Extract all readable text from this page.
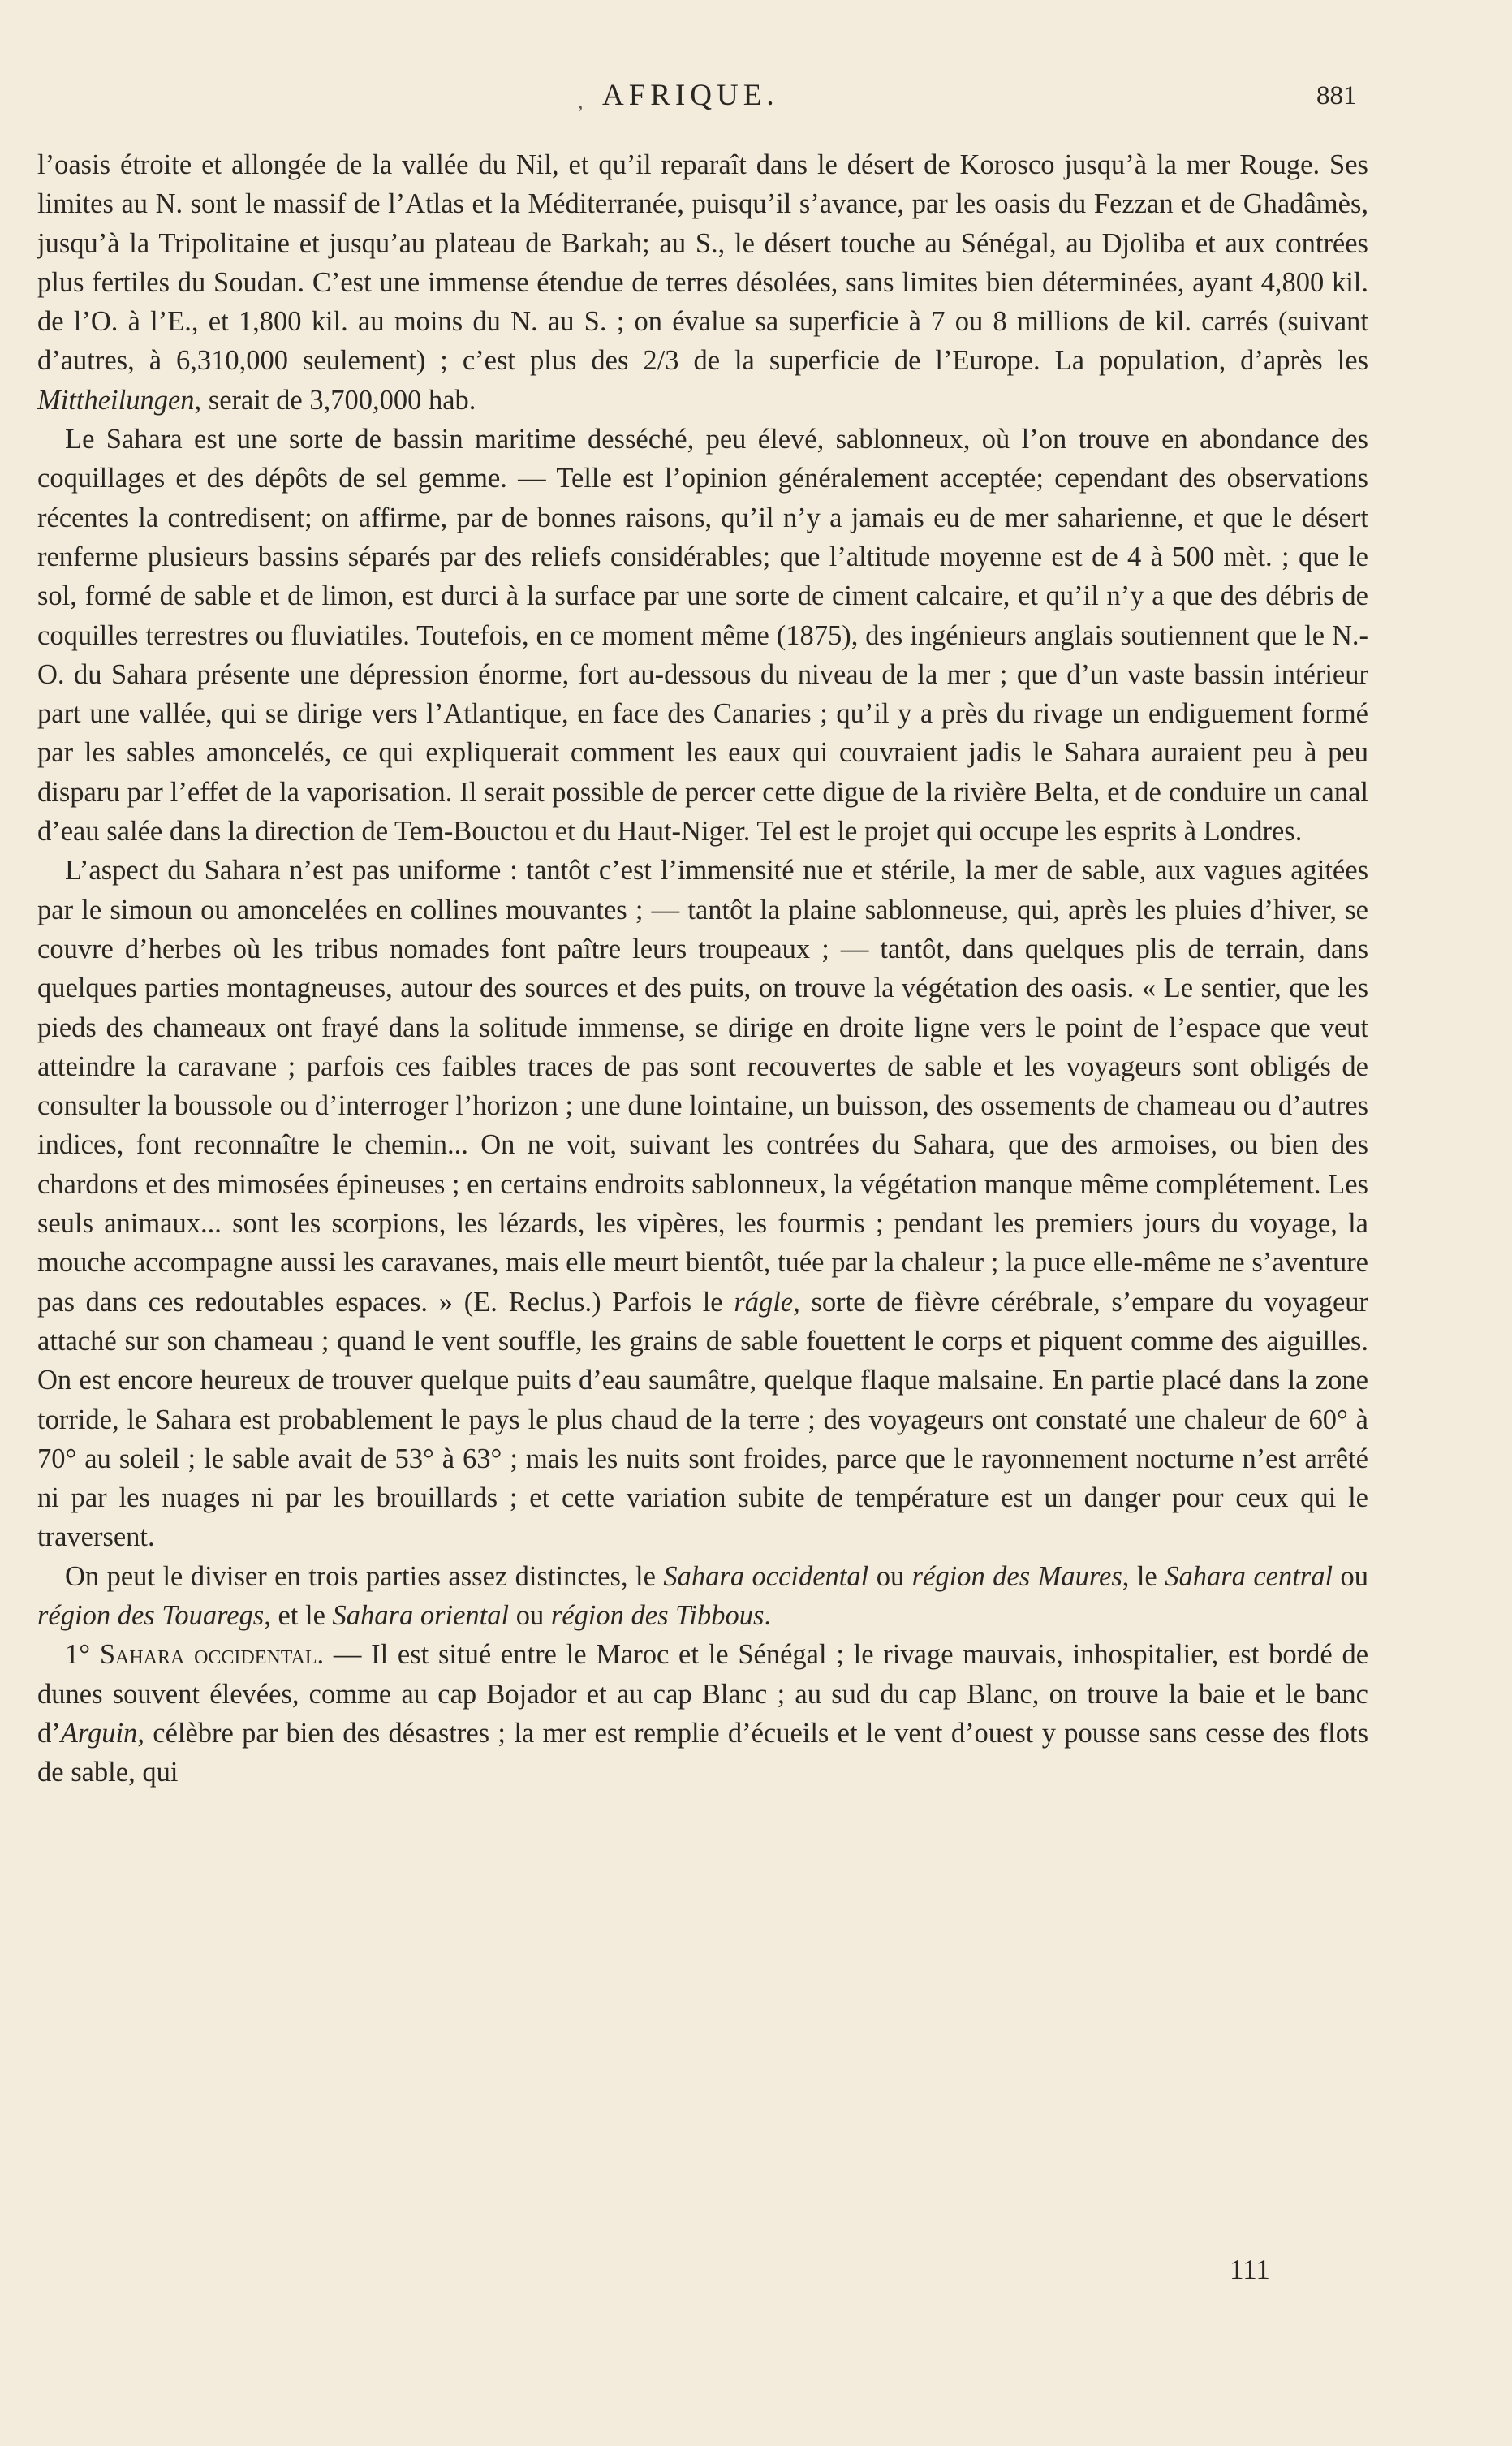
, AFRIQUE.	881

l’oasis étroite et allongée de la vallée du Nil, et qu’il reparaît dans le désert de Korosco jusqu’à la mer Rouge. Ses limites au N. sont le massif de l’Atlas et la Méditerranée, puisqu’il s’avance, par les oasis du Fezzan et de Ghadâmès, jusqu’à la Tripolitaine et jusqu’au plateau de Barkah; au S., le désert touche au Sénégal, au Djoliba et aux contrées plus fertiles du Soudan. C’est une immense étendue de terres désolées, sans limites bien déterminées, ayant 4,800 kil. de l’O. à l’E., et 1,800 kil. au moins du N. au S. ; on évalue sa superficie à 7 ou 8 millions de kil. carrés (suivant d’autres, à 6,310,000 seulement) ; c’est plus des 2/3 de la superficie de l’Europe. La population, d’après les Mittheilungen, serait de 3,700,000 hab.

Le Sahara est une sorte de bassin maritime desséché, peu élevé, sablonneux, où l’on trouve en abondance des coquillages et des dépôts de sel gemme. — Telle est l’opinion généralement acceptée; cependant des observations récentes la contredisent; on affirme, par de bonnes raisons, qu’il n’y a jamais eu de mer saharienne, et que le désert renferme plusieurs bassins séparés par des reliefs considérables; que l’altitude moyenne est de 4 à 500 mèt. ; que le sol, formé de sable et de limon, est durci à la surface par une sorte de ciment calcaire, et qu’il n’y a que des débris de coquilles terrestres ou fluviatiles. Toutefois, en ce moment même (1875), des ingénieurs anglais soutiennent que le N.-O. du Sahara présente une dépression énorme, fort au-dessous du niveau de la mer ; que d’un vaste bassin intérieur part une vallée, qui se dirige vers l’Atlantique, en face des Canaries ; qu’il y a près du rivage un endiguement formé par les sables amoncelés, ce qui expliquerait comment les eaux qui couvraient jadis le Sahara auraient peu à peu disparu par l’effet de la vaporisation. Il serait possible de percer cette digue de la rivière Belta, et de conduire un canal d’eau salée dans la direction de Tem-Bouctou et du Haut-Niger. Tel est le projet qui occupe les esprits à Londres.

L’aspect du Sahara n’est pas uniforme : tantôt c’est l’immensité nue et stérile, la mer de sable, aux vagues agitées par le simoun ou amoncelées en collines mouvantes ; — tantôt la plaine sablonneuse, qui, après les pluies d’hiver, se couvre d’herbes où les tribus nomades font paître leurs troupeaux ; — tantôt, dans quelques plis de terrain, dans quelques parties montagneuses, autour des sources et des puits, on trouve la végétation des oasis. « Le sentier, que les pieds des chameaux ont frayé dans la solitude immense, se dirige en droite ligne vers le point de l’espace que veut atteindre la caravane ; parfois ces faibles traces de pas sont recouvertes de sable et les voyageurs sont obligés de consulter la boussole ou d’interroger l’horizon ; une dune lointaine, un buisson, des ossements de chameau ou d’autres indices, font reconnaître le chemin... On ne voit, suivant les contrées du Sahara, que des armoises, ou bien des chardons et des mimosées épineuses ; en certains endroits sablonneux, la végétation manque même complétement. Les seuls animaux... sont les scorpions, les lézards, les vipères, les fourmis ; pendant les premiers jours du voyage, la mouche accompagne aussi les caravanes, mais elle meurt bientôt, tuée par la chaleur ; la puce elle-même ne s’aventure pas dans ces redoutables espaces. » (E. Reclus.) Parfois le rágle, sorte de fièvre cérébrale, s’empare du voyageur attaché sur son chameau ; quand le vent souffle, les grains de sable fouettent le corps et piquent comme des aiguilles. On est encore heureux de trouver quelque puits d’eau saumâtre, quelque flaque malsaine. En partie placé dans la zone torride, le Sahara est probablement le pays le plus chaud de la terre ; des voyageurs ont constaté une chaleur de 60° à 70° au soleil ; le sable avait de 53° à 63° ; mais les nuits sont froides, parce que le rayonnement nocturne n’est arrêté ni par les nuages ni par les brouillards ; et cette variation subite de température est un danger pour ceux qui le traversent.

On peut le diviser en trois parties assez distinctes, le Sahara occidental ou région des Maures, le Sahara central ou région des Touaregs, et le Sahara oriental ou région des Tibbous.

1° Sahara occidental. — Il est situé entre le Maroc et le Sénégal ; le rivage mauvais, inhospitalier, est bordé de dunes souvent élevées, comme au cap Bojador et au cap Blanc ; au sud du cap Blanc, on trouve la baie et le banc d’Arguin, célèbre par bien des désastres ; la mer est remplie d’écueils et le vent d’ouest y pousse sans cesse des flots de sable, qui

111
